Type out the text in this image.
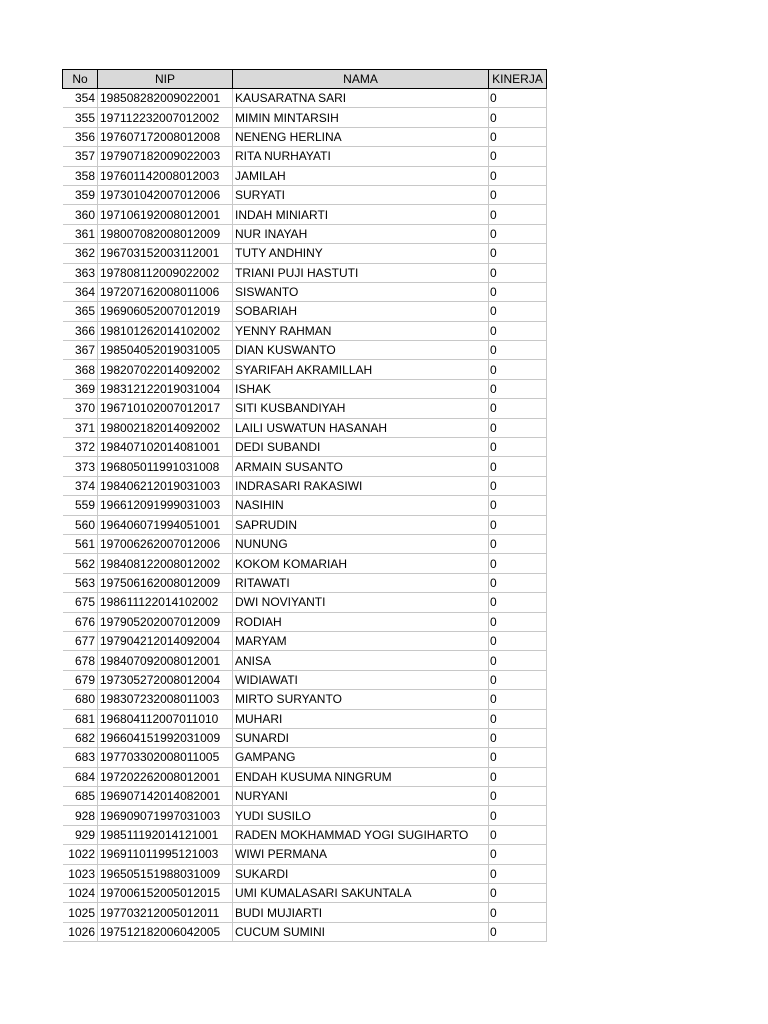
No	NIP	NAMA	KINERJA
354	198508282009022001	KAUSARATNA SARI	0
355	197112232007012002	MIMIN MINTARSIH	0
356	197607172008012008	NENENG HERLINA	0
357	197907182009022003	RITA NURHAYATI	0
358	197601142008012003	JAMILAH	0
359	197301042007012006	SURYATI	0
360	197106192008012001	INDAH MINIARTI	0
361	198007082008012009	NUR INAYAH	0
362	196703152003112001	TUTY ANDHINY	0
363	197808112009022002	TRIANI PUJI HASTUTI	0
364	197207162008011006	SISWANTO	0
365	196906052007012019	SOBARIAH	0
366	198101262014102002	YENNY RAHMAN	0
367	198504052019031005	DIAN KUSWANTO	0
368	198207022014092002	SYARIFAH AKRAMILLAH	0
369	198312122019031004	ISHAK	0
370	196710102007012017	SITI KUSBANDIYAH	0
371	198002182014092002	LAILI USWATUN HASANAH	0
372	198407102014081001	DEDI SUBANDI	0
373	196805011991031008	ARMAIN SUSANTO	0
374	198406212019031003	INDRASARI RAKASIWI	0
559	196612091999031003	NASIHIN	0
560	196406071994051001	SAPRUDIN	0
561	197006262007012006	NUNUNG	0
562	198408122008012002	KOKOM KOMARIAH	0
563	197506162008012009	RITAWATI	0
675	198611122014102002	DWI NOVIYANTI	0
676	197905202007012009	RODIAH	0
677	197904212014092004	MARYAM	0
678	198407092008012001	ANISA	0
679	197305272008012004	WIDIAWATI	0
680	198307232008011003	MIRTO SURYANTO	0
681	196804112007011010	MUHARI	0
682	196604151992031009	SUNARDI	0
683	197703302008011005	GAMPANG	0
684	197202262008012001	ENDAH KUSUMA NINGRUM	0
685	196907142014082001	NURYANI	0
928	196909071997031003	YUDI SUSILO	0
929	198511192014121001	RADEN MOKHAMMAD YOGI SUGIHARTO	0
1022	196911011995121003	WIWI PERMANA	0
1023	196505151988031009	SUKARDI	0
1024	197006152005012015	UMI KUMALASARI SAKUNTALA	0
1025	197703212005012011	BUDI MUJIARTI	0
1026	197512182006042005	CUCUM SUMINI	0
